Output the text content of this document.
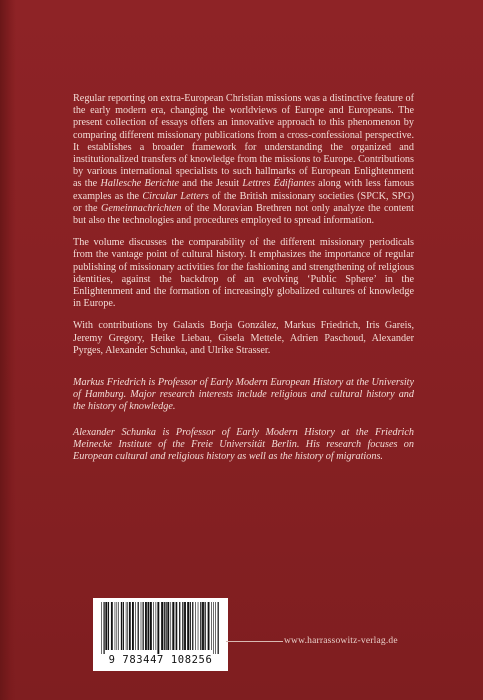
Regular reporting on extra-European Christian missions was a distinctive feature of the early modern era, changing the worldviews of Europe and Europeans. The present collection of essays offers an innovative approach to this phenomenon by comparing different missionary publications from a cross-confessional perspective. It establishes a broader framework for understanding the organized and institutionalized transfers of knowledge from the missions to Europe. Contributions by various international specialists to such hallmarks of European Enlightenment as the Hallesche Berichte and the Jesuit Lettres Édifiantes along with less famous examples as the Circular Letters of the British missionary societies (SPCK, SPG) or the Gemeinnachrichten of the Moravian Brethren not only analyze the content but also the technologies and procedures employed to spread information.

The volume discusses the comparability of the different missionary periodicals from the vantage point of cultural history. It emphasizes the importance of regular publishing of missionary activities for the fashioning and strengthening of religious identities, against the backdrop of an evolving ‘Public Sphere’ in the Enlightenment and the formation of increasingly globalized cultures of knowledge in Europe.

With contributions by Galaxis Borja González, Markus Friedrich, Iris Gareis, Jeremy Gregory, Heike Liebau, Gisela Mettele, Adrien Paschoud, Alexander Pyrges, Alexander Schunka, and Ulrike Strasser.

Markus Friedrich is Professor of Early Modern European History at the University of Hamburg. Major research interests include religious and cultural history and the history of knowledge.

Alexander Schunka is Professor of Early Modern History at the Friedrich Meinecke Institute of the Freie Universität Berlin. His research focuses on European cultural and religious history as well as the history of migrations.

9 783447 108256
www.harrassowitz-verlag.de
